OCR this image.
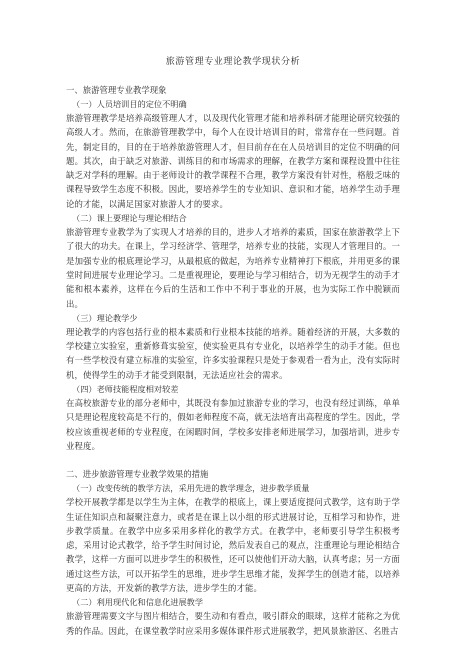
旅游管理专业理论教学现状分析

一、旅游管理专业教学现象

（一）人员培训目的定位不明确

旅游管理教学是培养高级管理人才，以及现代化管理才能和培养科研才能理论研究较强的高级人才。然而，在旅游管理教学中，每个人在设计培训目的时，常常存在一些问题。首先，制定目的，目的在于培养旅游管理人才，但目前存在在人员培训目的定位不明确的问题。其次，由于缺乏对旅游、训练目的和市场需求的理解，在教学方案和课程设置中往往缺乏对学科的理解。由于老师设计的教学课程不合理，教学方案没有针对性，格般乏味的课程导致学生态度不积极。因此，要培养学生的专业知识、意识和才能，培养学生动手理论的才能，以满足国家对旅游人才的要求。

（二）课上要理论与理论相结合

旅游管理专业教学为了实现人才培养的目的，进步人才培养的素质，国家在旅游教学上下了很大的功夫。在课上，学习经济学、管理学，培养专业的技能，实现人才管理目的。一是加强专业的根底理论学习，从最根底的做起，为培养专业精神打下根底，并用更多的课堂时间进展专业理论学习。二是重视理论，要理论与学习相结合，切为无视学生的动手才能和根本素养，这样在今后的生活和工作中不利于事业的开展，也为实际工作中脱颖而出。

（三）理论教学少

理论教学的内容包括行业的根本素质和行业根本技能的培养。随着经济的开展，大多数的学校建立实验室，重新修葺实验室，使实验更具有专业化，以培养学生的动手才能。但也有一些学校没有建立标准的实验室，许多实验课程只是处于参观看一看为止，没有实际时机，使得学生的动手才能受到限制，无法适应社会的需求。

（四）老师技能程度相对较差

在高校旅游专业的部分老师中，其既没有参加过旅游专业的学习，也没有经过训练，单单只是理论程度较高是不行的，假如老师程度不高，就无法培育出高程度的学生。因此，学校应该重视老师的专业程度，在闲暇时间，学校多安排老师进展学习，加强培训，进步专业程度。

二、进步旅游管理专业教学效果的措施

（一）改变传统的教学方法，采用先进的教学理念，进步教学质量

学校开展教学都是以学生为主体，在教学的根底上，课上要适度提问式教学，这有助于学生证住知识点和凝聚注意力，或者是在课上以小组的形式进展讨论，互相学习和协作，进步教学质量。在教学中应多采用多样化的教学方式。在教学中，老师要引导学生积极考虑，采用讨论式教学，给予学生时间讨论，然后发表自己的观点，注重理论与理论相结合教学，这样一方面可以进步学生的积极性，还可以使他们开动大脑，认真考虑；另一方面通过这些方法，可以开拓学生的思维，进步学生思维才能，发挥学生的创造才能，以培养更高的方法，开发新的教学方法，进步学生的才能。

（二）利用现代化和信息化进展教学

旅游管理需要文字与图片相结合，要生动和有看点，吸引群众的眼球，这样才能称之为优秀的作品。因此，在课堂教学时应采用多媒体课件形式进展教学，把风景旅游区、名胜古
